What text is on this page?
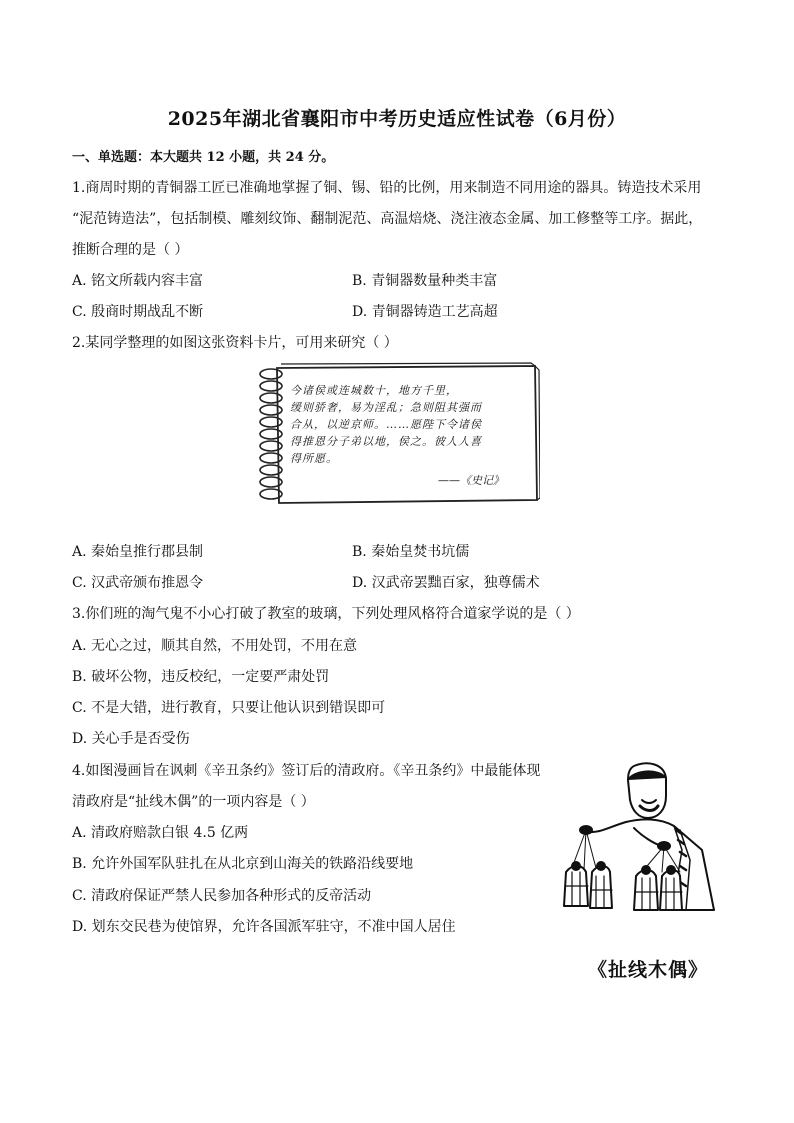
2025年湖北省襄阳市中考历史适应性试卷（6月份）
一、单选题：本大题共 12 小题，共 24 分。
1.商周时期的青铜器工匠已准确地掌握了铜、锡、铅的比例，用来制造不同用途的器具。铸造技术采用
“泥范铸造法”，包括制模、雕刻纹饰、翻制泥范、高温焙烧、浇注液态金属、加工修整等工序。据此，
推断合理的是（ ）
A. 铭文所载内容丰富	B. 青铜器数量种类丰富
C. 殷商时期战乱不断	D. 青铜器铸造工艺高超
2.某同学整理的如图这张资料卡片，可用来研究（ ）
今诸侯或连城数十，地方千里，
缓则骄奢，易为淫乱；急则阻其强而
合从，以逆京师。……愿陛下令诸侯
得推恩分子弟以地，侯之。彼人人喜
得所愿。
——《史记》
A. 秦始皇推行郡县制	B. 秦始皇焚书坑儒
C. 汉武帝颁布推恩令	D. 汉武帝罢黜百家，独尊儒术
3.你们班的淘气鬼不小心打破了教室的玻璃，下列处理风格符合道家学说的是（ ）
A. 无心之过，顺其自然，不用处罚，不用在意
B. 破坏公物，违反校纪，一定要严肃处罚
C. 不是大错，进行教育，只要让他认识到错误即可
D. 关心手是否受伤
4.如图漫画旨在讽刺《辛丑条约》签订后的清政府。《辛丑条约》中最能体现
清政府是“扯线木偶”的一项内容是（ ）
A. 清政府赔款白银 4.5 亿两
B. 允许外国军队驻扎在从北京到山海关的铁路沿线要地
C. 清政府保证严禁人民参加各种形式的反帝活动
D. 划东交民巷为使馆界，允许各国派军驻守，不准中国人居住
《扯线木偶》
